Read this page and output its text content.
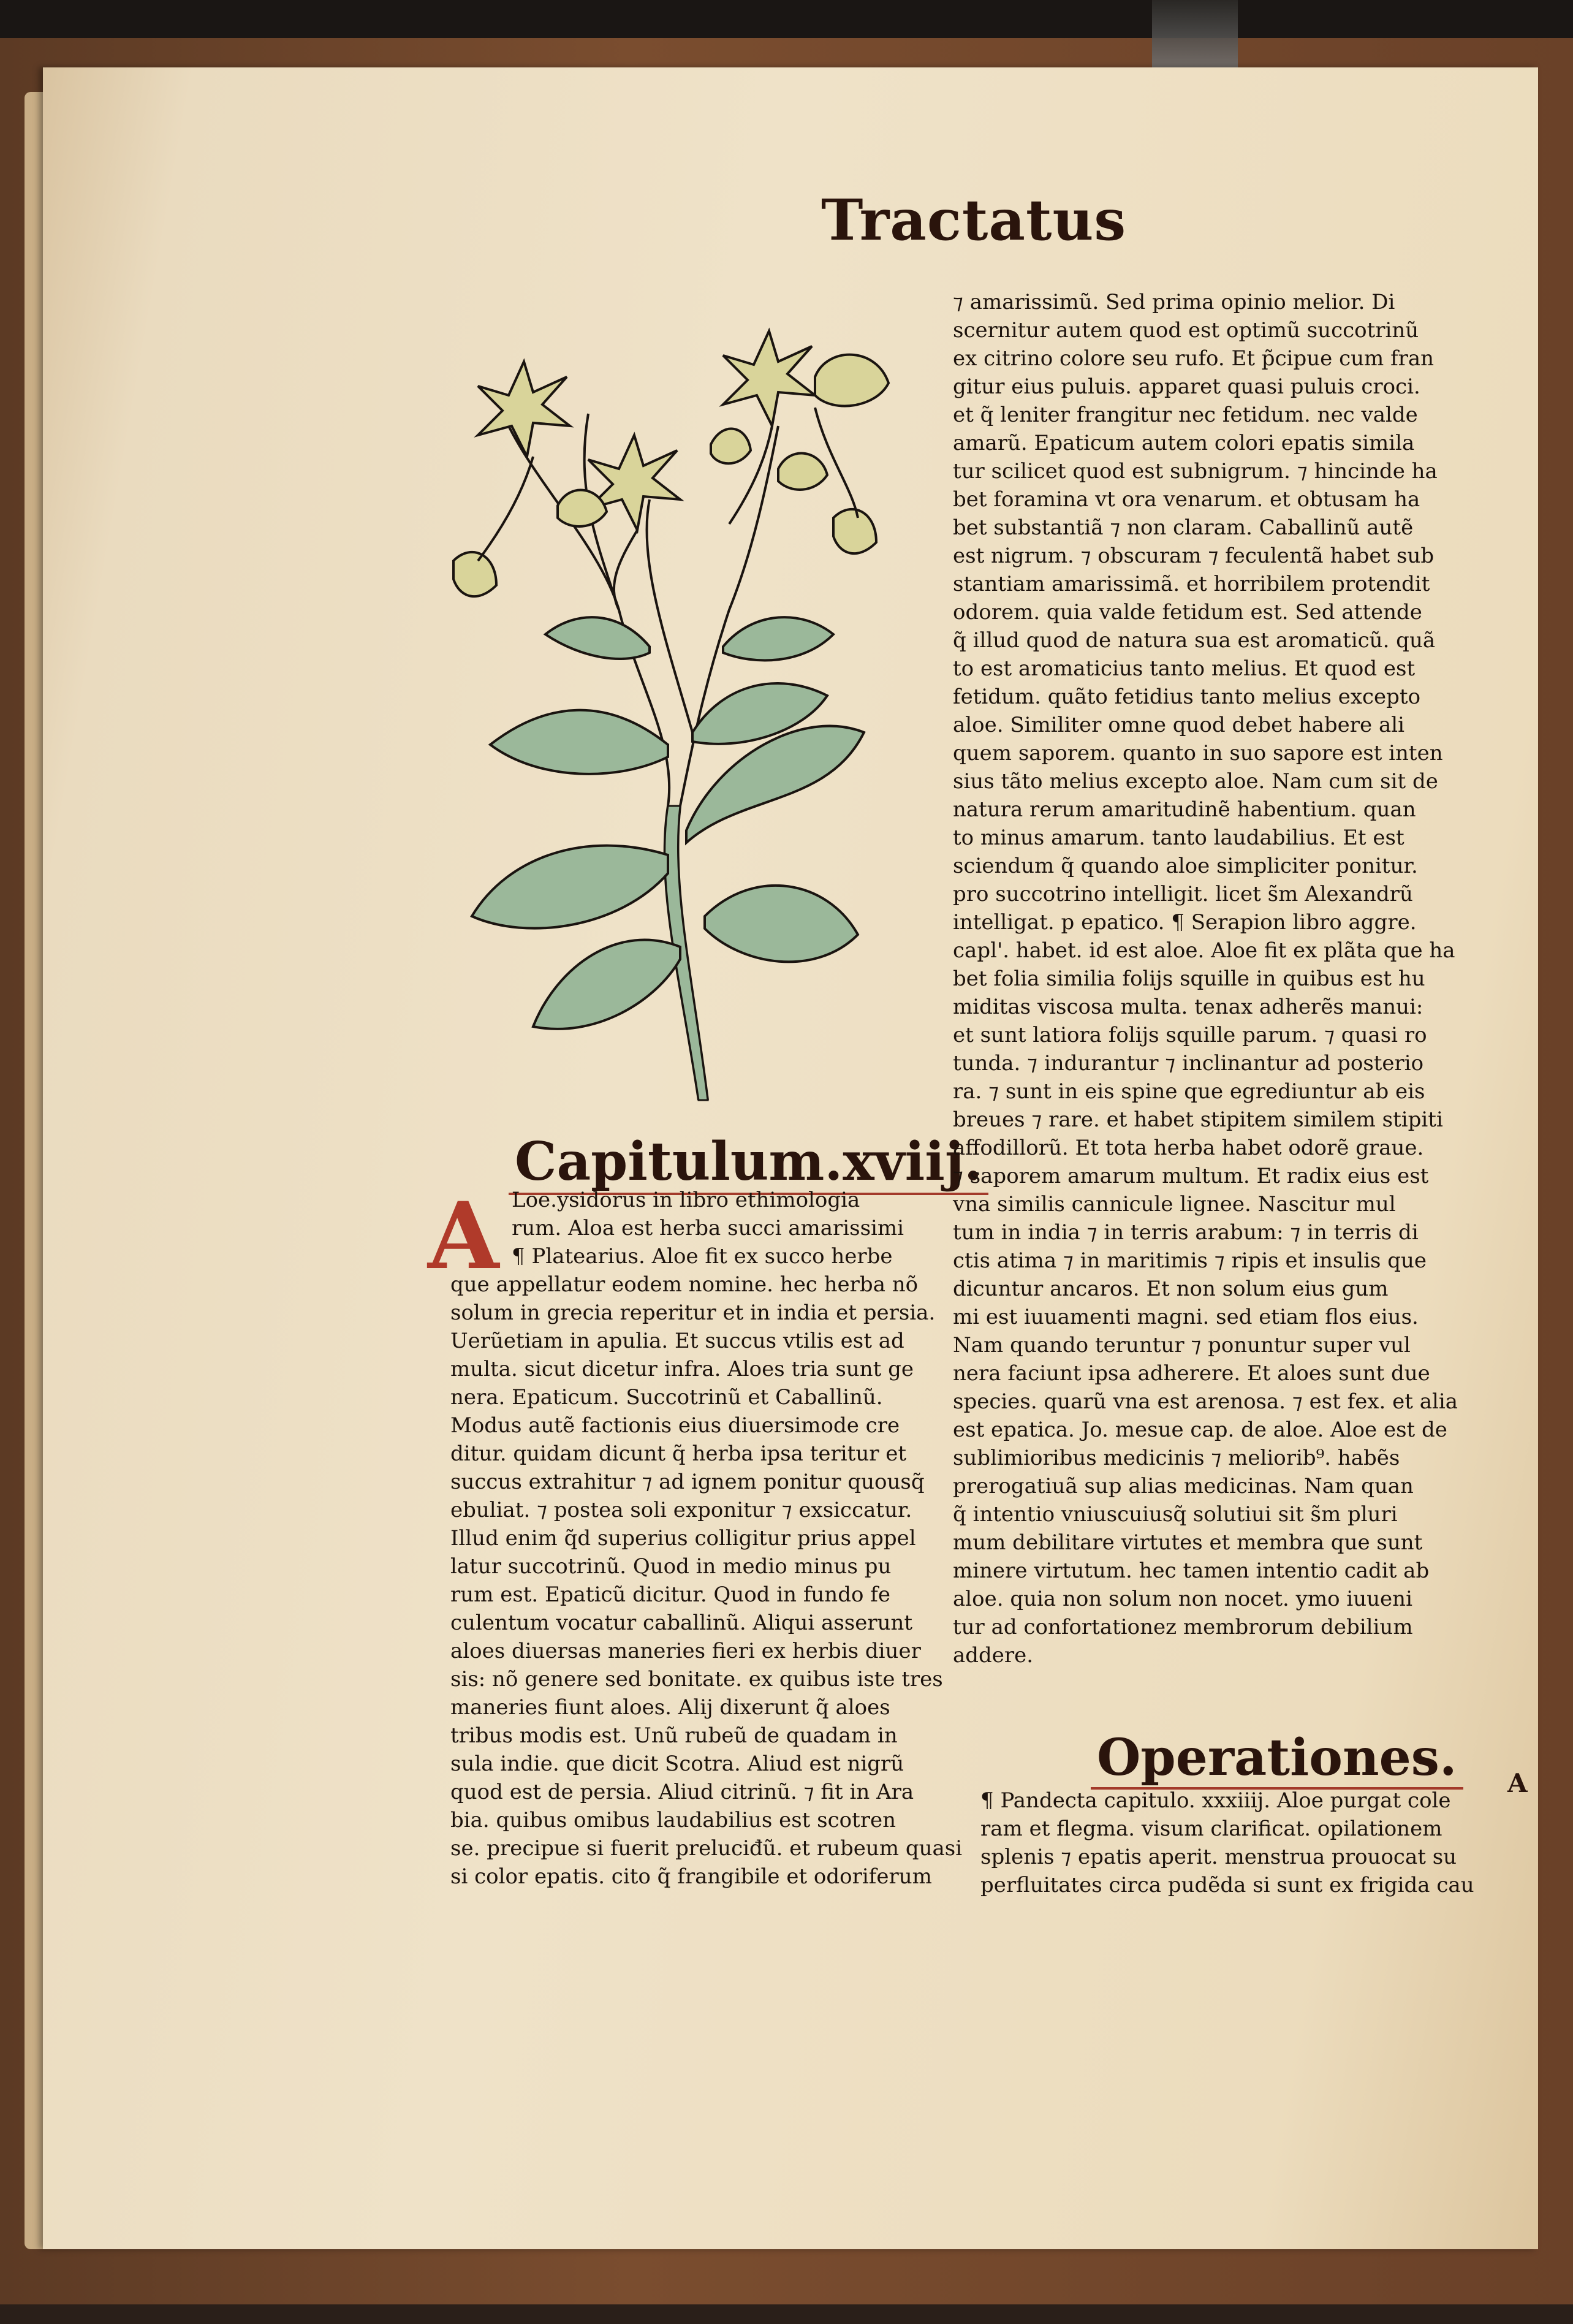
Tractatus
Capitulum.xviij.
A Loe.ysidorus in libro ethimologia

rum. Aloa est herba succi amarissimi

¶ Platearius. Aloe fit ex succo herbe

que appellatur eodem nomine. hec herba nõ

solum in grecia reperitur et in india et persia.

Uerũetiam in apulia. Et succus vtilis est ad

multa. sicut dicetur infra. Aloes tria sunt ge

nera. Epaticum. Succotrinũ et Caballinũ.

Modus autẽ factionis eius diuersimode cre

ditur. quidam dicunt q̃ herba ipsa teritur et

succus extrahitur ⁊ ad ignem ponitur quousq̃

ebuliat. ⁊ postea soli exponitur ⁊ exsiccatur.

Illud enim q̃d superius colligitur prius appel

latur succotrinũ. Quod in medio minus pu

rum est. Epaticũ dicitur. Quod in fundo fe

culentum vocatur caballinũ. Aliqui asserunt

aloes diuersas maneries fieri ex herbis diuer

sis: nõ genere sed bonitate. ex quibus iste tres

maneries fiunt aloes. Alij dixerunt q̃ aloes

tribus modis est. Unũ rubeũ de quadam in

sula indie. que dicit Scotra. Aliud est nigrũ

quod est de persia. Aliud citrinũ. ⁊ fit in Ara

bia. quibus omibus laudabilius est scotren

se. precipue si fuerit preluciđũ. et rubeum quasi

si color epatis. cito q̃ frangibile et odoriferum

⁊ amarissimũ. Sed prima opinio melior. Di

scernitur autem quod est optimũ succotrinũ

ex citrino colore seu rufo. Et p̃cipue cum fran

gitur eius puluis. apparet quasi puluis croci.

et q̃ leniter frangitur nec fetidum. nec valde

amarũ. Epaticum autem colori epatis simila

tur scilicet quod est subnigrum. ⁊ hincinde ha

bet foramina vt ora venarum. et obtusam ha

bet substantiã ⁊ non claram. Caballinũ autẽ

est nigrum. ⁊ obscuram ⁊ feculentã habet sub

stantiam amarissimã. et horribilem protendit

odorem. quia valde fetidum est. Sed attende

q̃ illud quod de natura sua est aromaticũ. quã

to est aromaticius tanto melius. Et quod est

fetidum. quãto fetidius tanto melius excepto

aloe. Similiter omne quod debet habere ali

quem saporem. quanto in suo sapore est inten

sius tãto melius excepto aloe. Nam cum sit de

natura rerum amaritudinẽ habentium. quan

to minus amarum. tanto laudabilius. Et est

sciendum q̃ quando aloe simpliciter ponitur.

pro succotrino intelligit. licet s̃m Alexandrũ

intelligat. p epatico. ¶ Serapion libro aggre.

capl'. habet. id est aloe. Aloe fit ex plãta que ha

bet folia similia folijs squille in quibus est hu

miditas viscosa multa. tenax adherẽs manui:

et sunt latiora folijs squille parum. ⁊ quasi ro

tunda. ⁊ indurantur ⁊ inclinantur ad posterio

ra. ⁊ sunt in eis spine que egrediuntur ab eis

breues ⁊ rare. et habet stipitem similem stipiti

affodillorũ. Et tota herba habet odorẽ graue.

⁊ saporem amarum multum. Et radix eius est

vna similis cannicule lignee. Nascitur mul

tum in india ⁊ in terris arabum: ⁊ in terris di

ctis atima ⁊ in maritimis ⁊ ripis et insulis que

dicuntur ancaros. Et non solum eius gum

mi est iuuamenti magni. sed etiam flos eius.

Nam quando teruntur ⁊ ponuntur super vul

nera faciunt ipsa adherere. Et aloes sunt due

species. quarũ vna est arenosa. ⁊ est fex. et alia

est epatica. Jo. mesue cap. de aloe. Aloe est de

sublimioribus medicinis ⁊ meliorib⁹. habẽs

prerogatiuã sup alias medicinas. Nam quan

q̃ intentio vniuscuiusq̃ solutiui sit s̃m pluri

mum debilitare virtutes et membra que sunt

minere virtutum. hec tamen intentio cadit ab

aloe. quia non solum non nocet. ymo iuueni

tur ad confortationez membrorum debilium

addere.

Operationes. A

¶ Pandecta capitulo. xxxiiij. Aloe purgat cole

ram et flegma. visum clarificat. opilationem

splenis ⁊ epatis aperit. menstrua prouocat su

perfluitates circa pudẽda si sunt ex frigida cau
